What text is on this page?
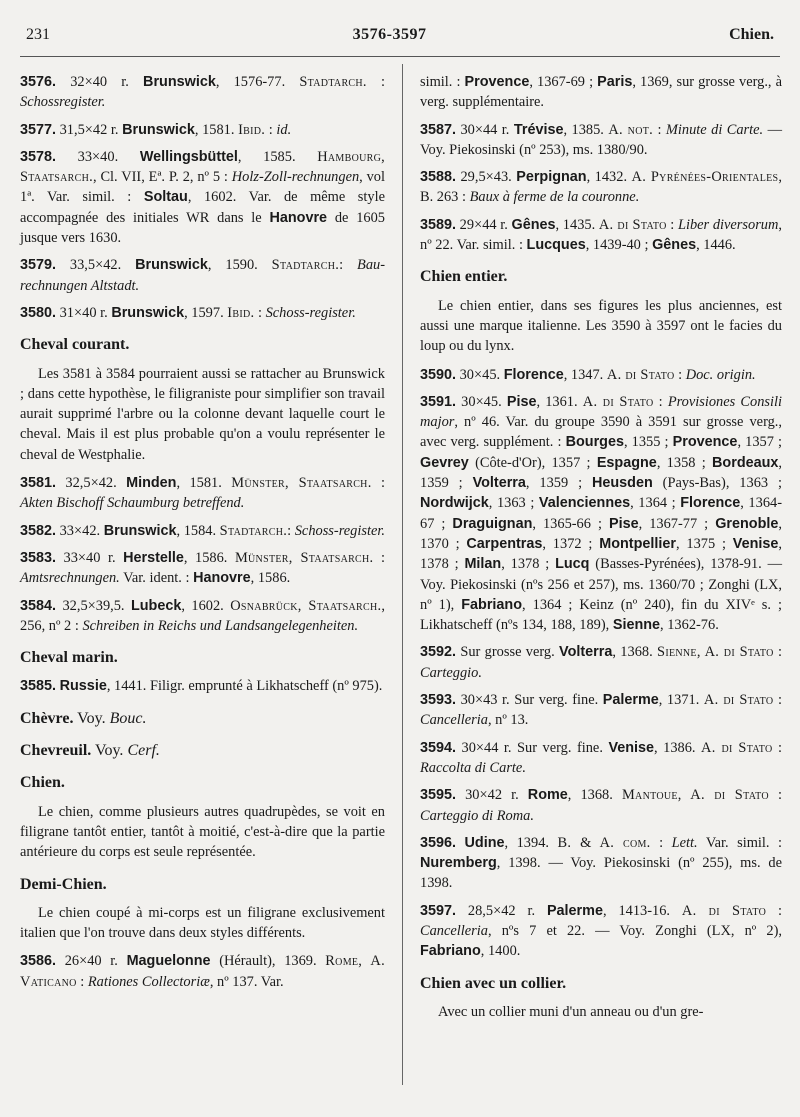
231	3576-3597	Chien.
3576. 32×40 r. Brunswick, 1576-77. Stadtarch. : Schossregister.
3577. 31,5×42 r. Brunswick, 1581. Ibid. : id.
3578. 33×40. Wellingsbüttel, 1585. Hambourg, Staatsarch., Cl. VII, Eª. P. 2, nº 5 : Holz-Zoll-rechnungen, vol 1ª. Var. simil. : Soltau, 1602. Var. de même style accompagnée des initiales WR dans le Hanovre de 1605 jusque vers 1630.
3579. 33,5×42. Brunswick, 1590. Stadtarch.: Bau-rechnungen Altstadt.
3580. 31×40 r. Brunswick, 1597. Ibid. : Schoss-register.
Cheval courant.
Les 3581 à 3584 pourraient aussi se rattacher au Brunswick ; dans cette hypothèse, le filigraniste pour simplifier son travail aurait supprimé l'arbre ou la colonne devant laquelle court le cheval. Mais il est plus probable qu'on a voulu représenter le cheval de Westphalie.
3581. 32,5×42. Minden, 1581. Münster, Staatsarch. : Akten Bischoff Schaumburg betreffend.
3582. 33×42. Brunswick, 1584. Stadtarch.: Schoss-register.
3583. 33×40 r. Herstelle, 1586. Münster, Staatsarch. : Amtsrechnungen. Var. ident. : Hanovre, 1586.
3584. 32,5×39,5. Lubeck, 1602. Osnabrück, Staatsarch., 256, nº 2 : Schreiben in Reichs und Landsangelegenheiten.
Cheval marin.
3585. Russie, 1441. Filigr. emprunté à Likhatscheff (nº 975).
Chèvre. Voy. Bouc.
Chevreuil. Voy. Cerf.
Chien.
Le chien, comme plusieurs autres quadrupèdes, se voit en filigrane tantôt entier, tantôt à moitié, c'est-à-dire que la partie antérieure du corps est seule représentée.
Demi-Chien.
Le chien coupé à mi-corps est un filigrane exclusivement italien que l'on trouve dans deux styles différents.
3586. 26×40 r. Maguelonne (Hérault), 1369. Rome, A. Vaticano : Rationes Collectoriæ, nº 137. Var.
simil. : Provence, 1367-69 ; Paris, 1369, sur grosse verg., à verg. supplémentaire.
3587. 30×44 r. Trévise, 1385. A. not. : Minute di Carte. — Voy. Piekosinski (nº 253), ms. 1380/90.
3588. 29,5×43. Perpignan, 1432. A. Pyrénées-Orientales, B. 263 : Baux à ferme de la couronne.
3589. 29×44 r. Gênes, 1435. A. di Stato : Liber diversorum, nº 22. Var. simil. : Lucques, 1439-40 ; Gênes, 1446.
Chien entier.
Le chien entier, dans ses figures les plus anciennes, est aussi une marque italienne. Les 3590 à 3597 ont le facies du loup ou du lynx.
3590. 30×45. Florence, 1347. A. di Stato : Doc. origin.
3591. 30×45. Pise, 1361. A. di Stato : Provisiones Consili major, nº 46. Var. du groupe 3590 à 3591 sur grosse verg., avec verg. supplément. : Bourges, 1355 ; Provence, 1357 ; Gevrey (Côte-d'Or), 1357 ; Espagne, 1358 ; Bordeaux, 1359 ; Volterra, 1359 ; Heusden (Pays-Bas), 1363 ; Nordwijck, 1363 ; Valenciennes, 1364 ; Florence, 1364-67 ; Draguignan, 1365-66 ; Pise, 1367-77 ; Grenoble, 1370 ; Carpentras, 1372 ; Montpellier, 1375 ; Venise, 1378 ; Milan, 1378 ; Lucq (Basses-Pyrénées), 1378-91. — Voy. Piekosinski (nºs 256 et 257), ms. 1360/70 ; Zonghi (LX, nº 1), Fabriano, 1364 ; Keinz (nº 240), fin du XIVᵉ s. ; Likhatscheff (nºs 134, 188, 189), Sienne, 1362-76.
3592. Sur grosse verg. Volterra, 1368. Sienne, A. di Stato : Carteggio.
3593. 30×43 r. Sur verg. fine. Palerme, 1371. A. di Stato : Cancelleria, nº 13.
3594. 30×44 r. Sur verg. fine. Venise, 1386. A. di Stato : Raccolta di Carte.
3595. 30×42 r. Rome, 1368. Mantoue, A. di Stato : Carteggio di Roma.
3596. Udine, 1394. B. & A. com. : Lett. Var. simil. : Nuremberg, 1398. — Voy. Piekosinski (nº 255), ms. de 1398.
3597. 28,5×42 r. Palerme, 1413-16. A. di Stato : Cancelleria, nºs 7 et 22. — Voy. Zonghi (LX, nº 2), Fabriano, 1400.
Chien avec un collier.
Avec un collier muni d'un anneau ou d'un gre-
